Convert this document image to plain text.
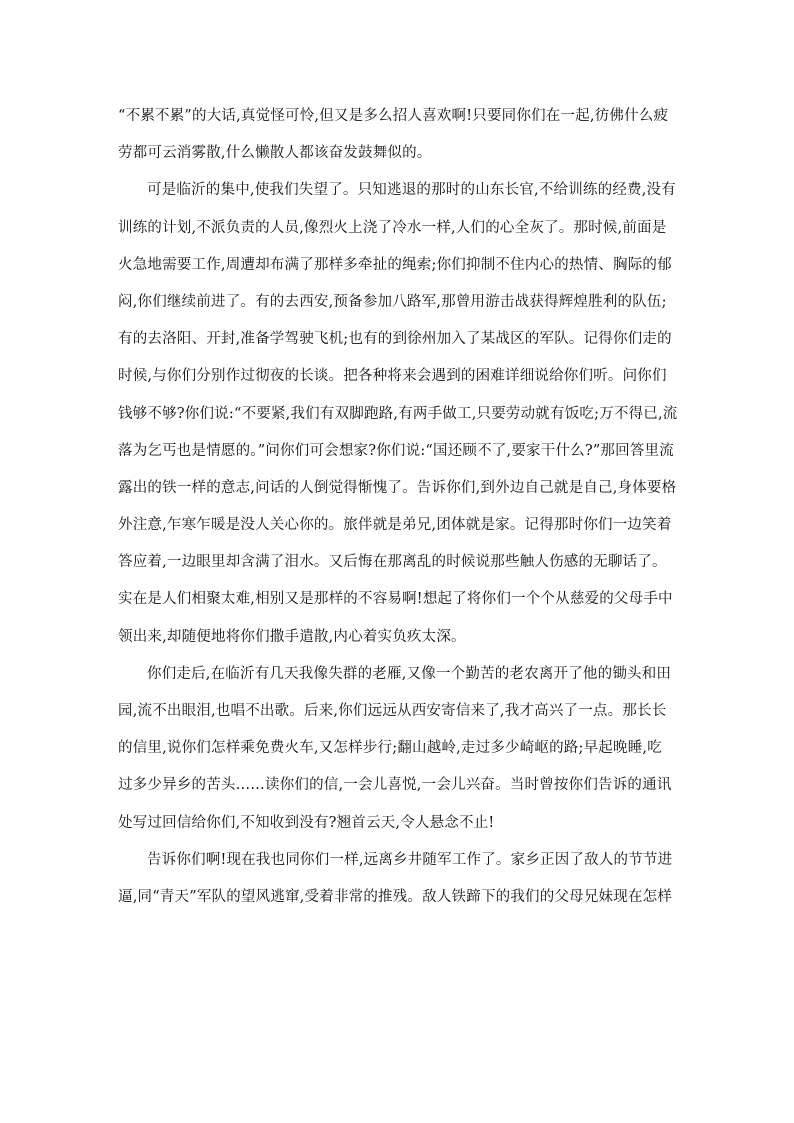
“不累不累”的大话,真觉怪可怜,但又是多么招人喜欢啊!只要同你们在一起,彷佛什么疲
劳都可云消雾散,什么懒散人都该奋发鼓舞似的。
可是临沂的集中,使我们失望了。只知逃退的那时的山东长官,不给训练的经费,没有
训练的计划,不派负责的人员,像烈火上浇了冷水一样,人们的心全灰了。那时候,前面是
火急地需要工作,周遭却布满了那样多牵扯的绳索;你们抑制不住内心的热情、胸际的郁
闷,你们继续前进了。有的去西安,预备参加八路军,那曾用游击战获得辉煌胜利的队伍;
有的去洛阳、开封,准备学驾驶飞机;也有的到徐州加入了某战区的军队。记得你们走的
时候,与你们分别作过彻夜的长谈。把各种将来会遇到的困难详细说给你们听。问你们
钱够不够?你们说:“不要紧,我们有双脚跑路,有两手做工,只要劳动就有饭吃;万不得已,流
落为乞丐也是情愿的。”问你们可会想家?你们说:“国还顾不了,要家干什么?”那回答里流
露出的铁一样的意志,问话的人倒觉得惭愧了。告诉你们,到外边自己就是自己,身体要格
外注意,乍寒乍暖是没人关心你的。旅伴就是弟兄,团体就是家。记得那时你们一边笑着
答应着,一边眼里却含满了泪水。又后悔在那离乱的时候说那些触人伤感的无聊话了。
实在是人们相聚太难,相别又是那样的不容易啊!想起了将你们一个个从慈爱的父母手中
领出来,却随便地将你们撒手遣散,内心着实负疚太深。
你们走后,在临沂有几天我像失群的老雁,又像一个勤苦的老农离开了他的锄头和田
园,流不出眼泪,也唱不出歌。后来,你们远远从西安寄信来了,我才高兴了一点。那长长
的信里,说你们怎样乘免费火车,又怎样步行;翻山越岭,走过多少崎岖的路;早起晚睡,吃
过多少异乡的苦头……读你们的信,一会儿喜悦,一会儿兴奋。当时曾按你们告诉的通讯
处写过回信给你们,不知收到没有?翘首云天,令人悬念不止!
告诉你们啊!现在我也同你们一样,远离乡井随军工作了。家乡正因了敌人的节节进
逼,同“青天”军队的望风逃窜,受着非常的推残。敌人铁蹄下的我们的父母兄妹现在怎样
